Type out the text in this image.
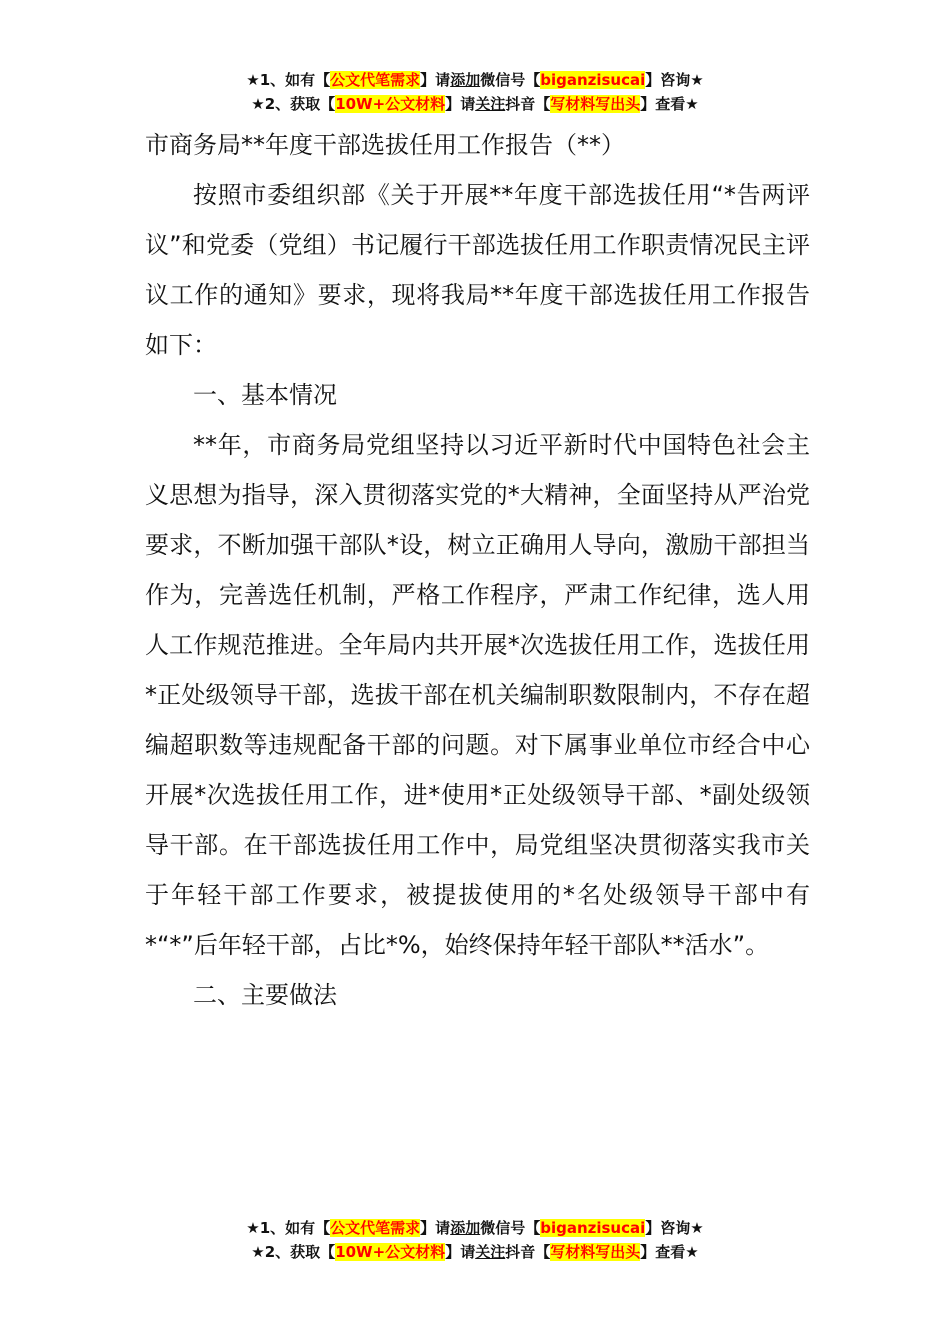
★1、如有【公文代笔需求】请添加微信号【biganzisucai】咨询★
★2、获取【10W+公文材料】请关注抖音【写材料写出头】查看★
市商务局**年度干部选拔任用工作报告（**）

按照市委组织部《关于开展**年度干部选拔任用“*告两评议”和党委（党组）书记履行干部选拔任用工作职责情况民主评议工作的通知》要求，现将我局**年度干部选拔任用工作报告如下：

一、基本情况

**年，市商务局党组坚持以习近平新时代中国特色社会主义思想为指导，深入贯彻落实党的*大精神，全面坚持从严治党要求，不断加强干部队*设，树立正确用人导向，激励干部担当作为，完善选任机制，严格工作程序，严肃工作纪律，选人用人工作规范推进。全年局内共开展*次选拔任用工作，选拔任用*正处级领导干部，选拔干部在机关编制职数限制内，不存在超编超职数等违规配备干部的问题。对下属事业单位市经合中心开展*次选拔任用工作，进*使用*正处级领导干部、*副处级领导干部。在干部选拔任用工作中，局党组坚决贯彻落实我市关于年轻干部工作要求，被提拔使用的*名处级领导干部中有*“*”后年轻干部，占比*%，始终保持年轻干部队**活水”。

二、主要做法
★1、如有【公文代笔需求】请添加微信号【biganzisucai】咨询★
★2、获取【10W+公文材料】请关注抖音【写材料写出头】查看★
